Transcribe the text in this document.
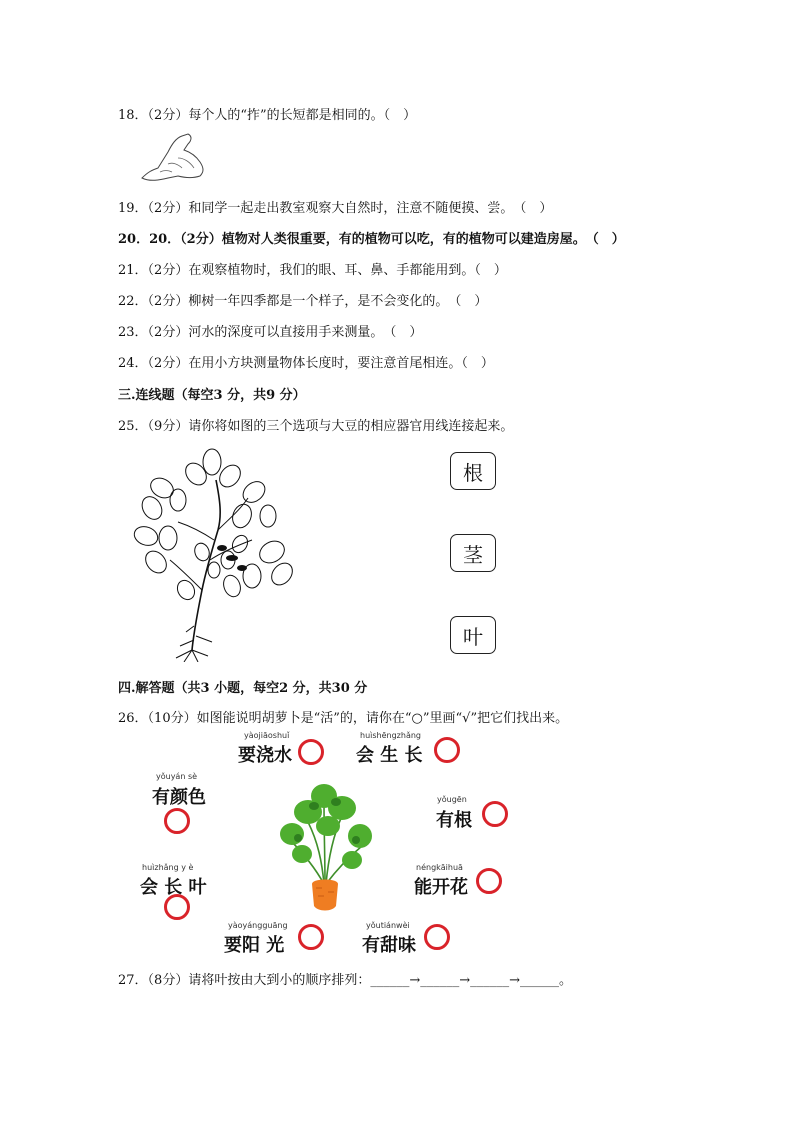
18．（2分）每个人的“拃”的长短都是相同的。（　）
19．（2分）和同学一起走出教室观察大自然时，注意不随便摸、尝。　（　）
20．20．（2分）植物对人类很重要，有的植物可以吃，有的植物可以建造房屋。　（　）
21．（2分）在观察植物时，我们的眼、耳、鼻、手都能用到。（　）
22．（2分）柳树一年四季都是一个样子，是不会变化的。　（　）
23．（2分）河水的深度可以直接用手来测量。　（　）
24．（2分）在用小方块测量物体长度时，要注意首尾相连。（　）
三.连线题（每空3 分，共9 分）
25．（9分）请你将如图的三个选项与大豆的相应器官用线连接起来。
根
茎
叶
四.解答题（共3 小题，每空2 分，共30 分
26．（10分）如图能说明胡萝卜是“活”的，请你在“○”里画“√”把它们找出来。
yàojiāoshuǐ
要浇水
huìshēngzhǎng
会 生 长
yǒuyán sè
有颜色	yǒugēn
有根
huìzhǎng y è
会 长 叶
néngkāihuā
能开花
yàoyángguāng
要阳 光
yǒutiánwèi
有甜味
27．（8分）请将叶按由大到小的顺序排列：______→______→______→______。
